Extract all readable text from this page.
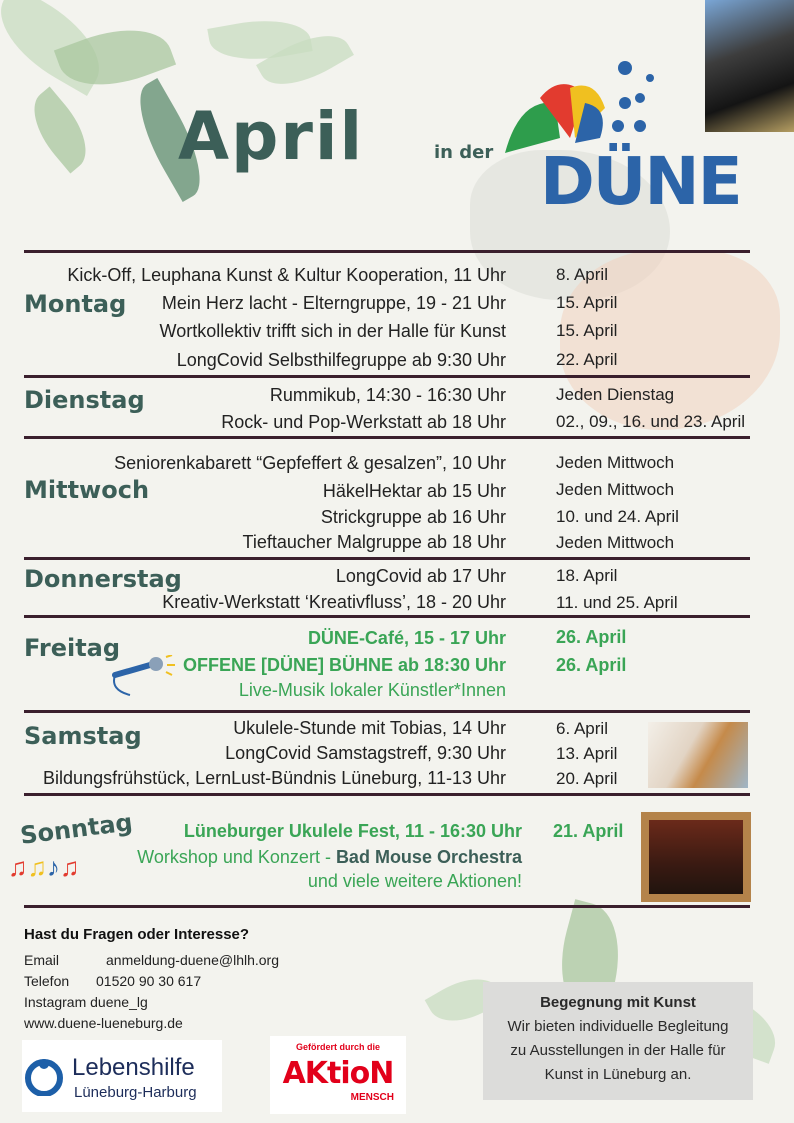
April	in der DÜNE
Montag
Kick-Off, Leuphana Kunst & Kultur Kooperation, 11 Uhr	8. April
Mein Herz lacht - Elterngruppe, 19 - 21 Uhr	15. April
Wortkollektiv trifft sich in der Halle für Kunst	15. April
LongCovid Selbsthilfegruppe ab 9:30 Uhr	22. April
Dienstag	Rummikub, 14:30 - 16:30 Uhr	Jeden Dienstag
Rock- und Pop-Werkstatt ab 18 Uhr	02., 09., 16. und 23. April
Mittwoch
Seniorenkabarett “Gepfeffert & gesalzen”, 10 Uhr	Jeden Mittwoch
HäkelHektar ab 15 Uhr	Jeden Mittwoch
Strickgruppe ab 16 Uhr	10. und 24. April
Tieftaucher Malgruppe ab 18 Uhr	Jeden Mittwoch
Donnerstag	LongCovid ab 17 Uhr	18. April
Kreativ-Werkstatt ‘Kreativfluss’, 18 - 20 Uhr	11. und 25. April
Freitag	DÜNE-Café, 15 - 17 Uhr	26. April
OFFENE [DÜNE] BÜHNE ab 18:30 Uhr	26. April
Live-Musik lokaler Künstler*Innen
Samstag	Ukulele-Stunde mit Tobias, 14 Uhr	6. April
LongCovid Samstagstreff, 9:30 Uhr	13. April
Bildungsfrühstück, LernLust-Bündnis Lüneburg, 11-13 Uhr	20. April
Sonntag	Lüneburger Ukulele Fest, 11 - 16:30 Uhr 21. April
Workshop und Konzert - Bad Mouse Orchestra
und viele weitere Aktionen!
♫♫♪♫
Hast du Fragen oder Interesse?
Email	anmeldung-duene@lhlh.org
Telefon 01520 90 30 617
Instagram duene_lg
www.duene-lueneburg.de
Lebenshilfe
Lüneburg-Harburg
Gefördert durch die
AKtioN
MENSCH
Begegnung mit Kunst
Wir bieten individuelle Begleitung
zu Ausstellungen in der Halle für
Kunst in Lüneburg an.
